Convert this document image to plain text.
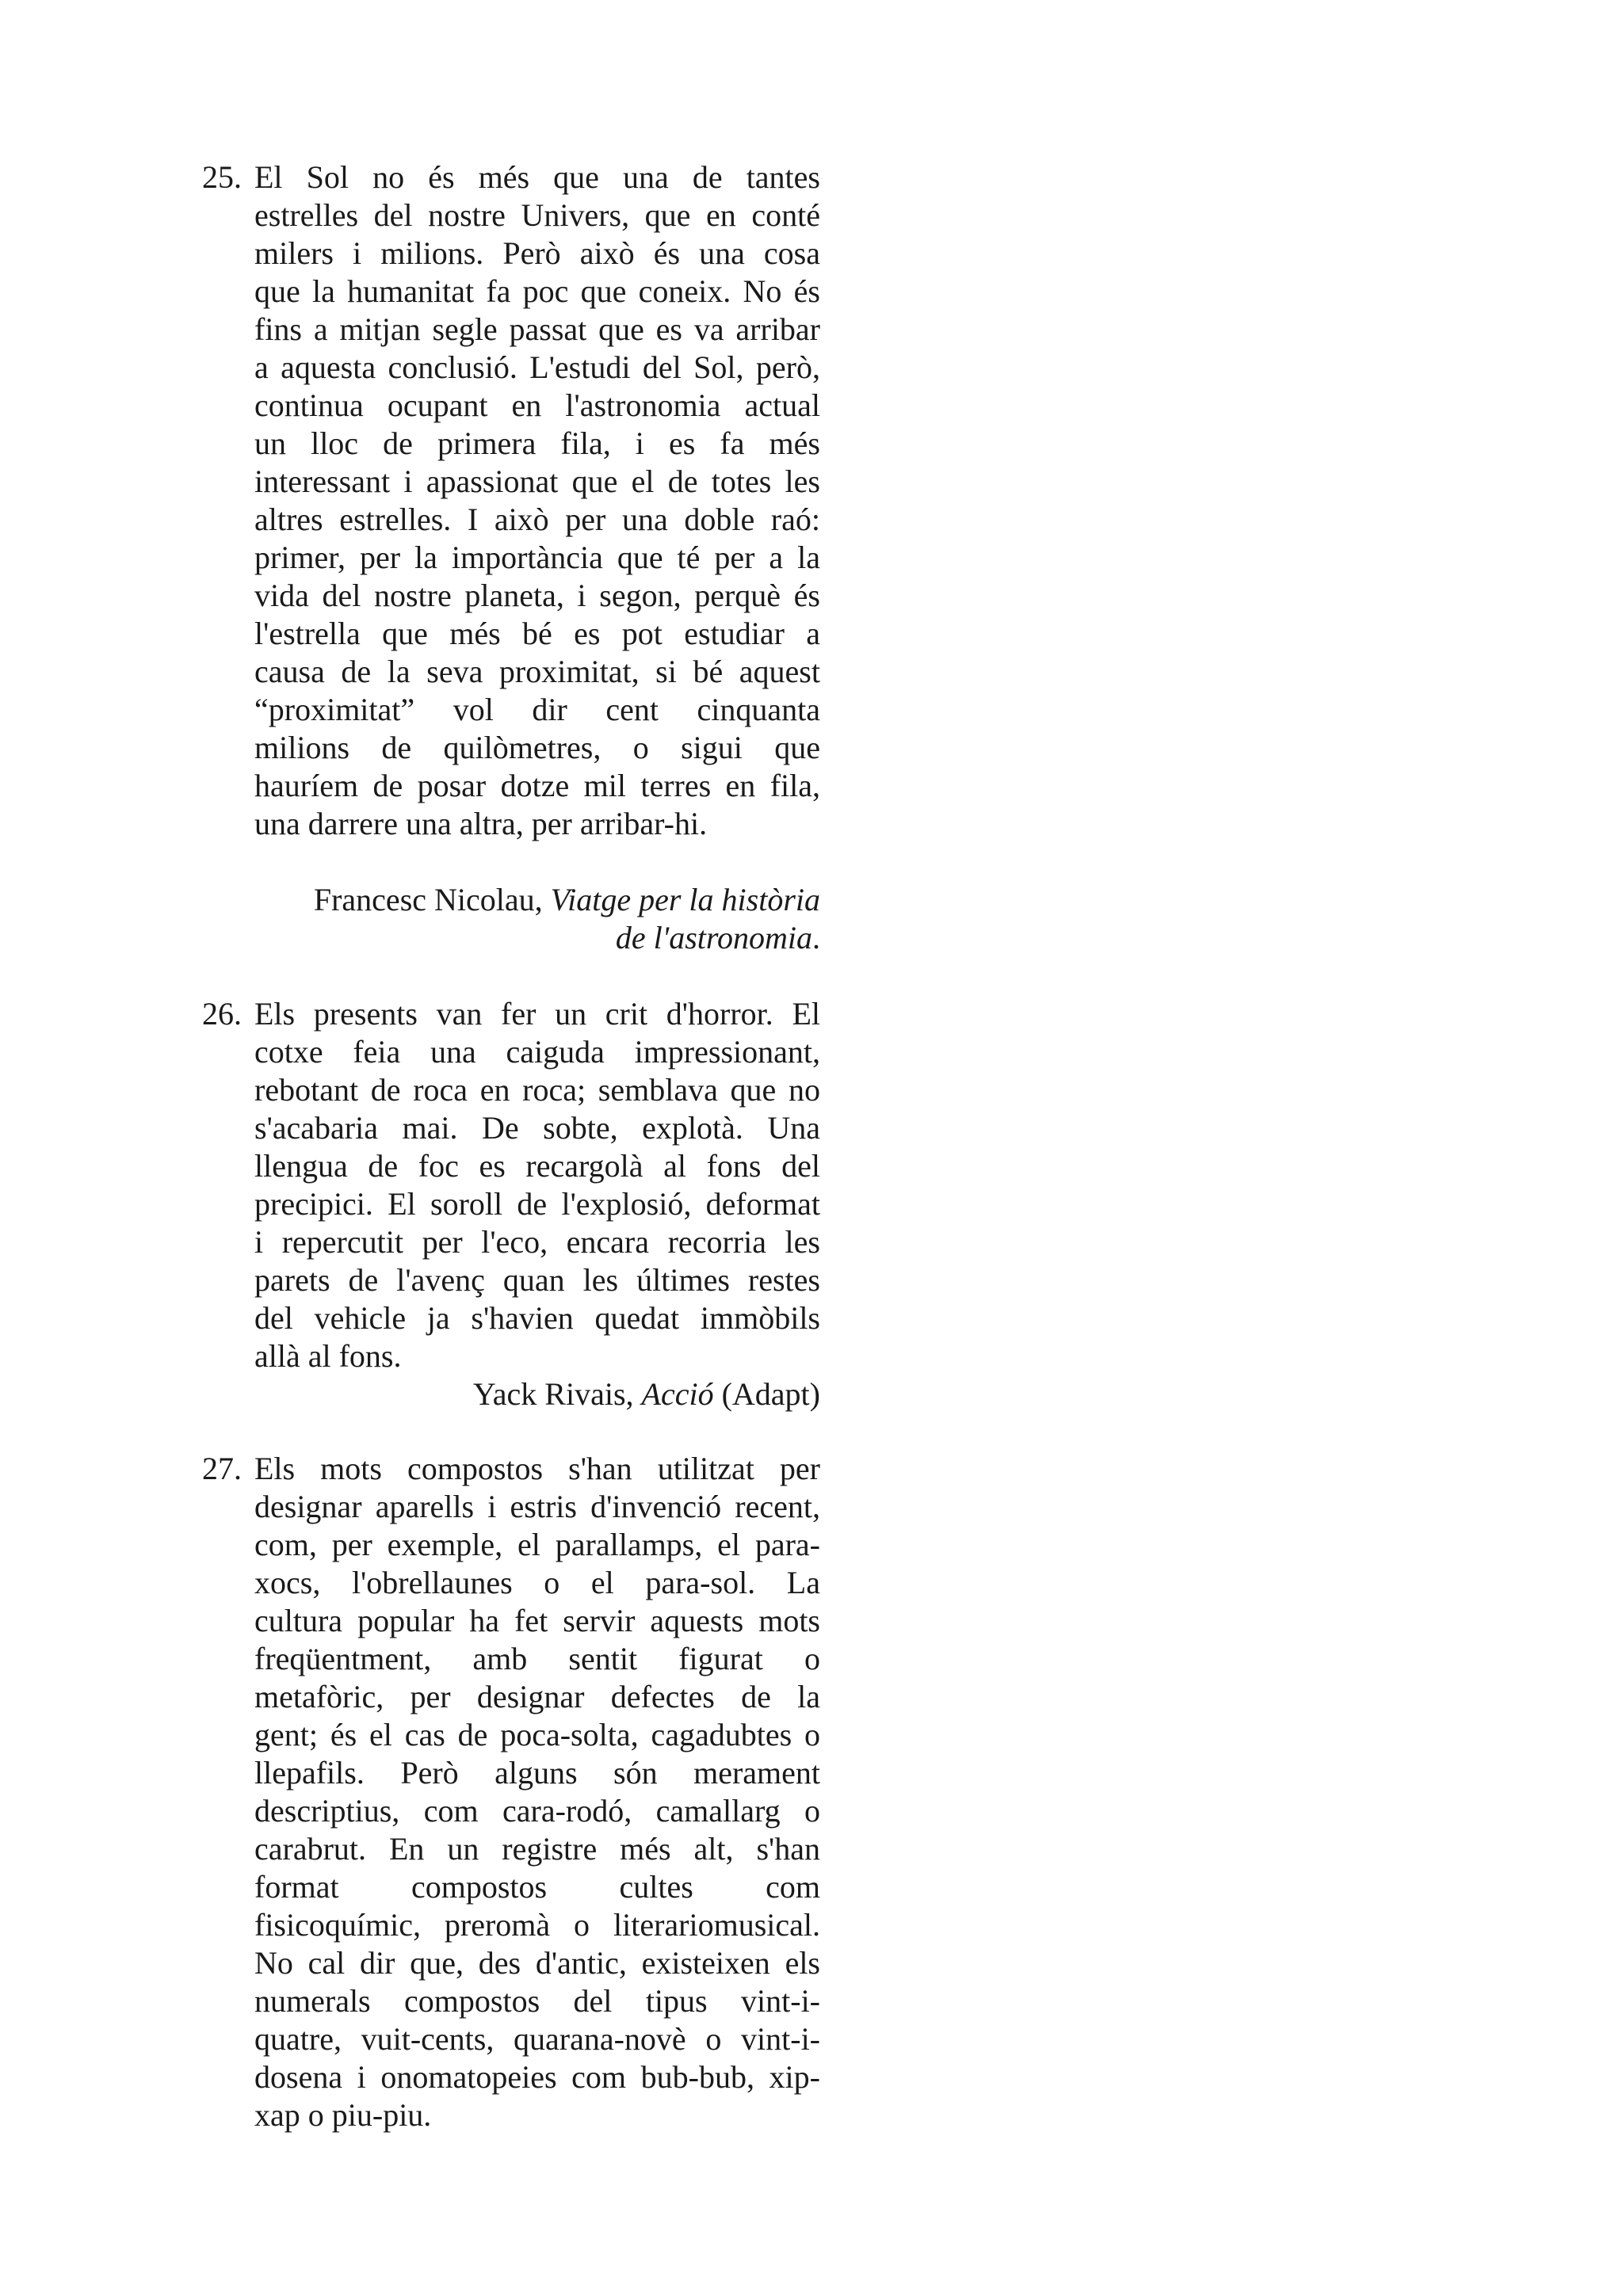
25. El Sol no és més que una de tantes
estrelles del nostre Univers, que en conté
milers i milions. Però això és una cosa
que la humanitat fa poc que coneix. No és
fins a mitjan segle passat que es va arribar
a aquesta conclusió. L'estudi del Sol, però,
continua ocupant en l'astronomia actual
un lloc de primera fila, i es fa més
interessant i apassionat que el de totes les
altres estrelles. I això per una doble raó:
primer, per la importància que té per a la
vida del nostre planeta, i segon, perquè és
l'estrella que més bé es pot estudiar a
causa de la seva proximitat, si bé aquest
“proximitat” vol dir cent cinquanta
milions de quilòmetres, o sigui que
hauríem de posar dotze mil terres en fila,
una darrere una altra, per arribar-hi.
Francesc Nicolau, Viatge per la història
de l'astronomia.
26. Els presents van fer un crit d'horror. El
cotxe feia una caiguda impressionant,
rebotant de roca en roca; semblava que no
s'acabaria mai. De sobte, explotà. Una
llengua de foc es recargolà al fons del
precipici. El soroll de l'explosió, deformat
i repercutit per l'eco, encara recorria les
parets de l'avenç quan les últimes restes
del vehicle ja s'havien quedat immòbils
allà al fons.
Yack Rivais, Acció (Adapt)
27. Els mots compostos s'han utilitzat per
designar aparells i estris d'invenció recent,
com, per exemple, el parallamps, el para-
xocs, l'obrellaunes o el para-sol. La
cultura popular ha fet servir aquests mots
freqüentment, amb sentit figurat o
metafòric, per designar defectes de la
gent; és el cas de poca-solta, cagadubtes o
llepafils. Però alguns són merament
descriptius, com cara-rodó, camallarg o
carabrut. En un registre més alt, s'han
format compostos cultes com
fisicoquímic, preromà o literariomusical.
No cal dir que, des d'antic, existeixen els
numerals compostos del tipus vint-i-
quatre, vuit-cents, quarana-novè o vint-i-
dosena i onomatopeies com bub-bub, xip-
xap o piu-piu.
